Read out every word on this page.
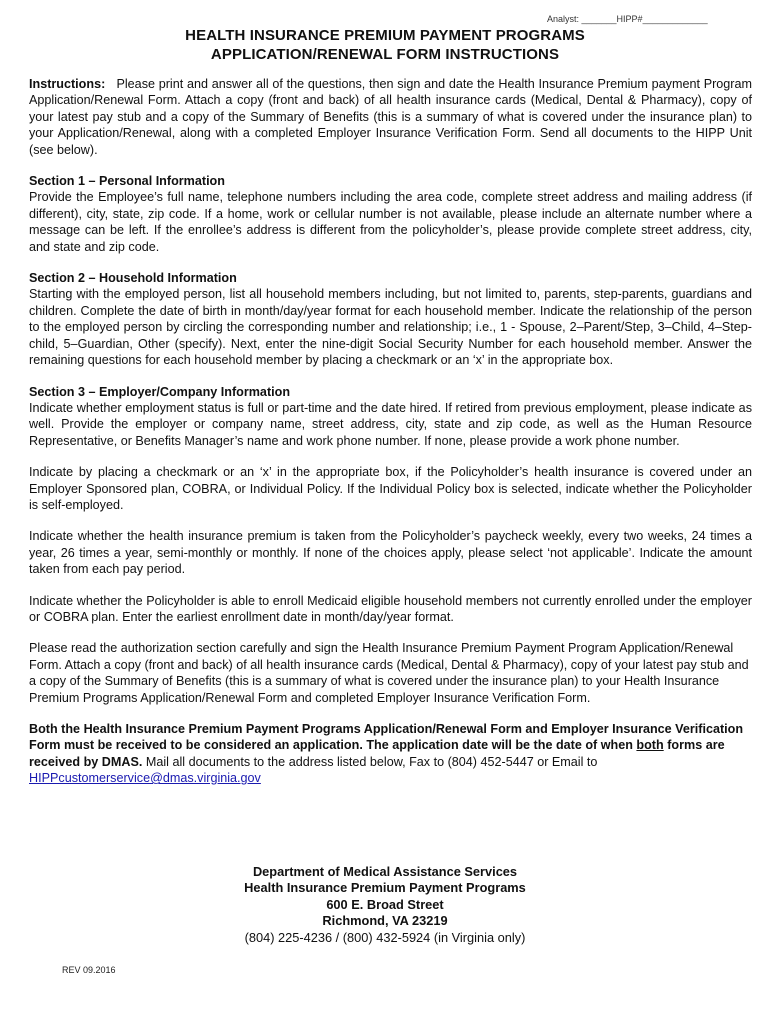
Analyst: _______HIPP#_____________
HEALTH INSURANCE PREMIUM PAYMENT PROGRAMS
APPLICATION/RENEWAL FORM INSTRUCTIONS

Instructions: Please print and answer all of the questions, then sign and date the Health Insurance Premium payment Program Application/Renewal Form. Attach a copy (front and back) of all health insurance cards (Medical, Dental & Pharmacy), copy of your latest pay stub and a copy of the Summary of Benefits (this is a summary of what is covered under the insurance plan) to your Application/Renewal, along with a completed Employer Insurance Verification Form. Send all documents to the HIPP Unit (see below).

Section 1 – Personal Information
Provide the Employee’s full name, telephone numbers including the area code, complete street address and mailing address (if different), city, state, zip code. If a home, work or cellular number is not available, please include an alternate number where a message can be left. If the enrollee’s address is different from the policyholder’s, please provide complete street address, city, and state and zip code.

Section 2 – Household Information
Starting with the employed person, list all household members including, but not limited to, parents, step-parents, guardians and children. Complete the date of birth in month/day/year format for each household member. Indicate the relationship of the person to the employed person by circling the corresponding number and relationship; i.e., 1 - Spouse, 2–Parent/Step, 3–Child, 4–Step-child, 5–Guardian, Other (specify). Next, enter the nine-digit Social Security Number for each household member. Answer the remaining questions for each household member by placing a checkmark or an ‘x’ in the appropriate box.

Section 3 – Employer/Company Information
Indicate whether employment status is full or part-time and the date hired. If retired from previous employment, please indicate as well. Provide the employer or company name, street address, city, state and zip code, as well as the Human Resource Representative, or Benefits Manager’s name and work phone number. If none, please provide a work phone number.

Indicate by placing a checkmark or an ‘x’ in the appropriate box, if the Policyholder’s health insurance is covered under an Employer Sponsored plan, COBRA, or Individual Policy. If the Individual Policy box is selected, indicate whether the Policyholder is self-employed.

Indicate whether the health insurance premium is taken from the Policyholder’s paycheck weekly, every two weeks, 24 times a year, 26 times a year, semi-monthly or monthly. If none of the choices apply, please select ‘not applicable’. Indicate the amount taken from each pay period.

Indicate whether the Policyholder is able to enroll Medicaid eligible household members not currently enrolled under the employer or COBRA plan. Enter the earliest enrollment date in month/day/year format.

Please read the authorization section carefully and sign the Health Insurance Premium Payment Program Application/Renewal Form. Attach a copy (front and back) of all health insurance cards (Medical, Dental & Pharmacy), copy of your latest pay stub and a copy of the Summary of Benefits (this is a summary of what is covered under the insurance plan) to your Health Insurance Premium Programs Application/Renewal Form and completed Employer Insurance Verification Form.

Both the Health Insurance Premium Payment Programs Application/Renewal Form and Employer Insurance Verification Form must be received to be considered an application. The application date will be the date of when both forms are received by DMAS. Mail all documents to the address listed below, Fax to (804) 452-5447 or Email to HIPPcustomerservice@dmas.virginia.gov

Department of Medical Assistance Services
Health Insurance Premium Payment Programs
600 E. Broad Street
Richmond, VA 23219
(804) 225-4236 / (800) 432-5924 (in Virginia only)
REV 09.2016
